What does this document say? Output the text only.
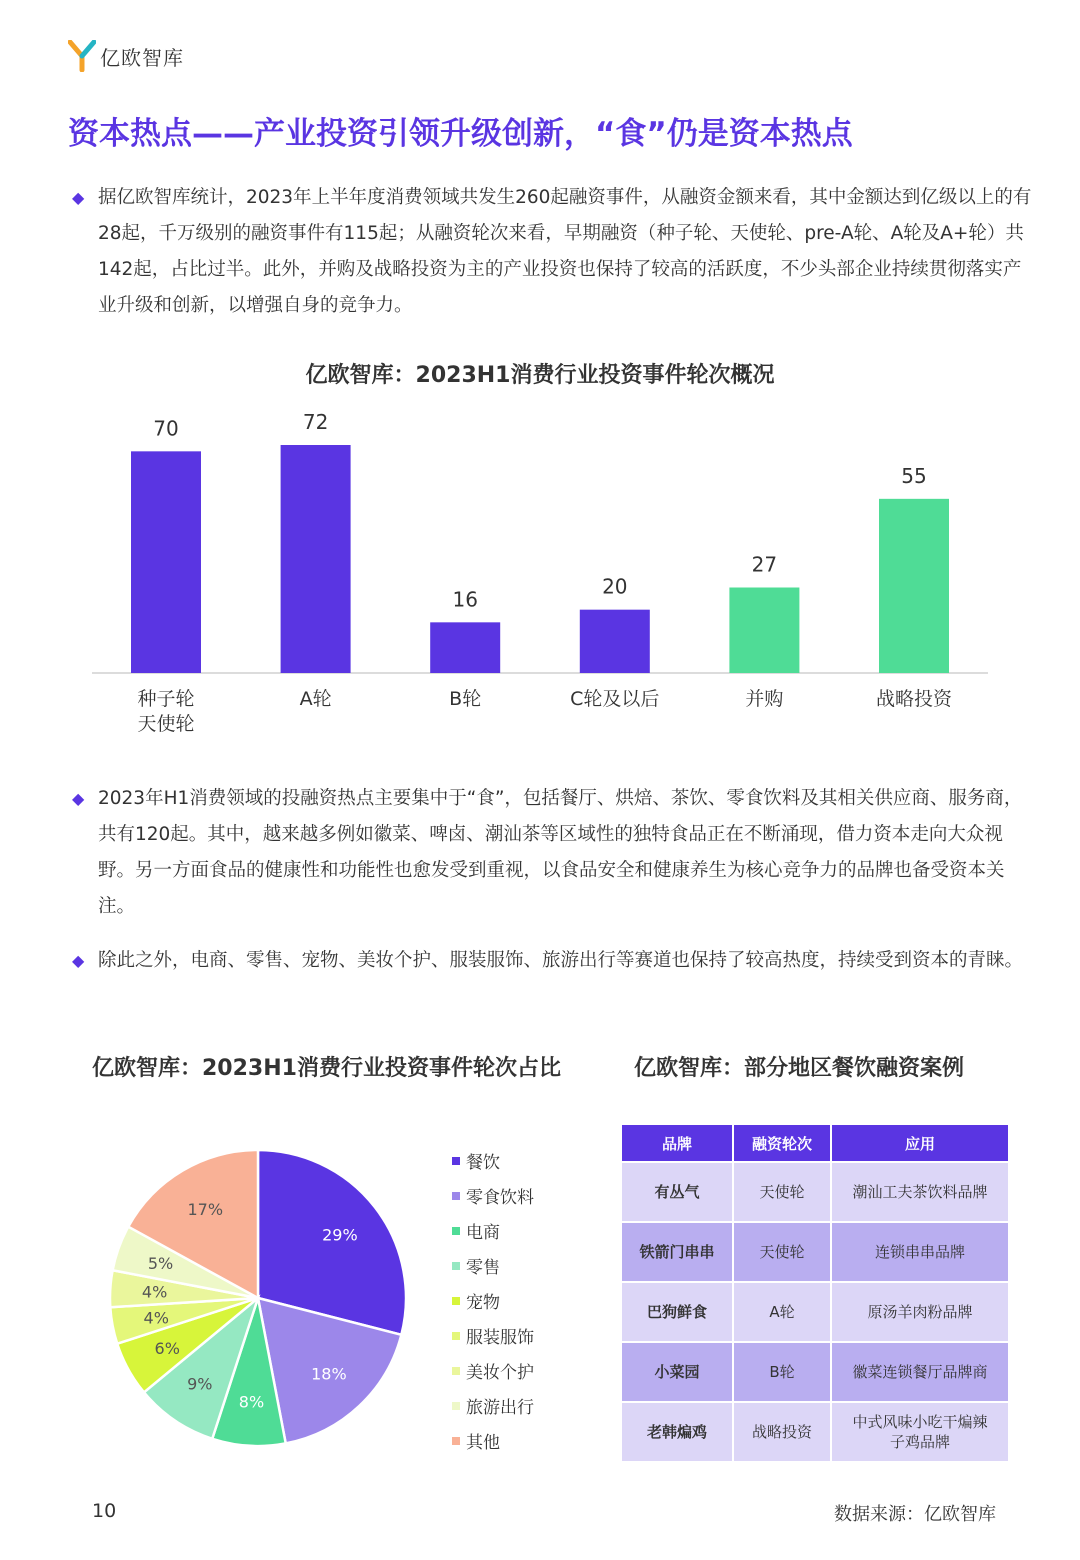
亿欧智库
资本热点——产业投资引领升级创新，“食”仍是资本热点
◆ 据亿欧智库统计，2023年上半年度消费领域共发生260起融资事件，从融资金额来看，其中金额达到亿级以上的有28起，千万级别的融资事件有115起；从融资轮次来看，早期融资（种子轮、天使轮、pre-A轮、A轮及A+轮）共142起，占比过半。此外，并购及战略投资为主的产业投资也保持了较高的活跃度，不少头部企业持续贯彻落实产业升级和创新，以增强自身的竞争力。
亿欧智库：2023H1消费行业投资事件轮次概况
70
种子轮
天使轮
72
A轮
16
B轮
20
C轮及以后
27
并购
55
战略投资
◆ 2023年H1消费领域的投融资热点主要集中于“食”，包括餐厅、烘焙、茶饮、零食饮料及其相关供应商、服务商，共有120起。其中，越来越多例如徽菜、啤卤、潮汕茶等区域性的独特食品正在不断涌现，借力资本走向大众视野。另一方面食品的健康性和功能性也愈发受到重视，以食品安全和健康养生为核心竞争力的品牌也备受资本关注。
◆ 除此之外，电商、零售、宠物、美妆个护、服装服饰、旅游出行等赛道也保持了较高热度，持续受到资本的青睐。
亿欧智库：2023H1消费行业投资事件轮次占比	亿欧智库：部分地区餐饮融资案例
29%
18%
8%
9%
6%
4%
4%
5%
17%
餐饮
零食饮料
电商
零售
宠物
服装服饰
美妆个护
旅游出行
其他
品牌	融资轮次	应用
有丛气	天使轮	潮汕工夫茶饮料品牌
铁箭门串串	天使轮	连锁串串品牌
巴狗鲜食	A轮	原汤羊肉粉品牌
小菜园	B轮	徽菜连锁餐厅品牌商
老韩煸鸡	战略投资	中式风味小吃干煸辣子鸡品牌
10	数据来源：亿欧智库
